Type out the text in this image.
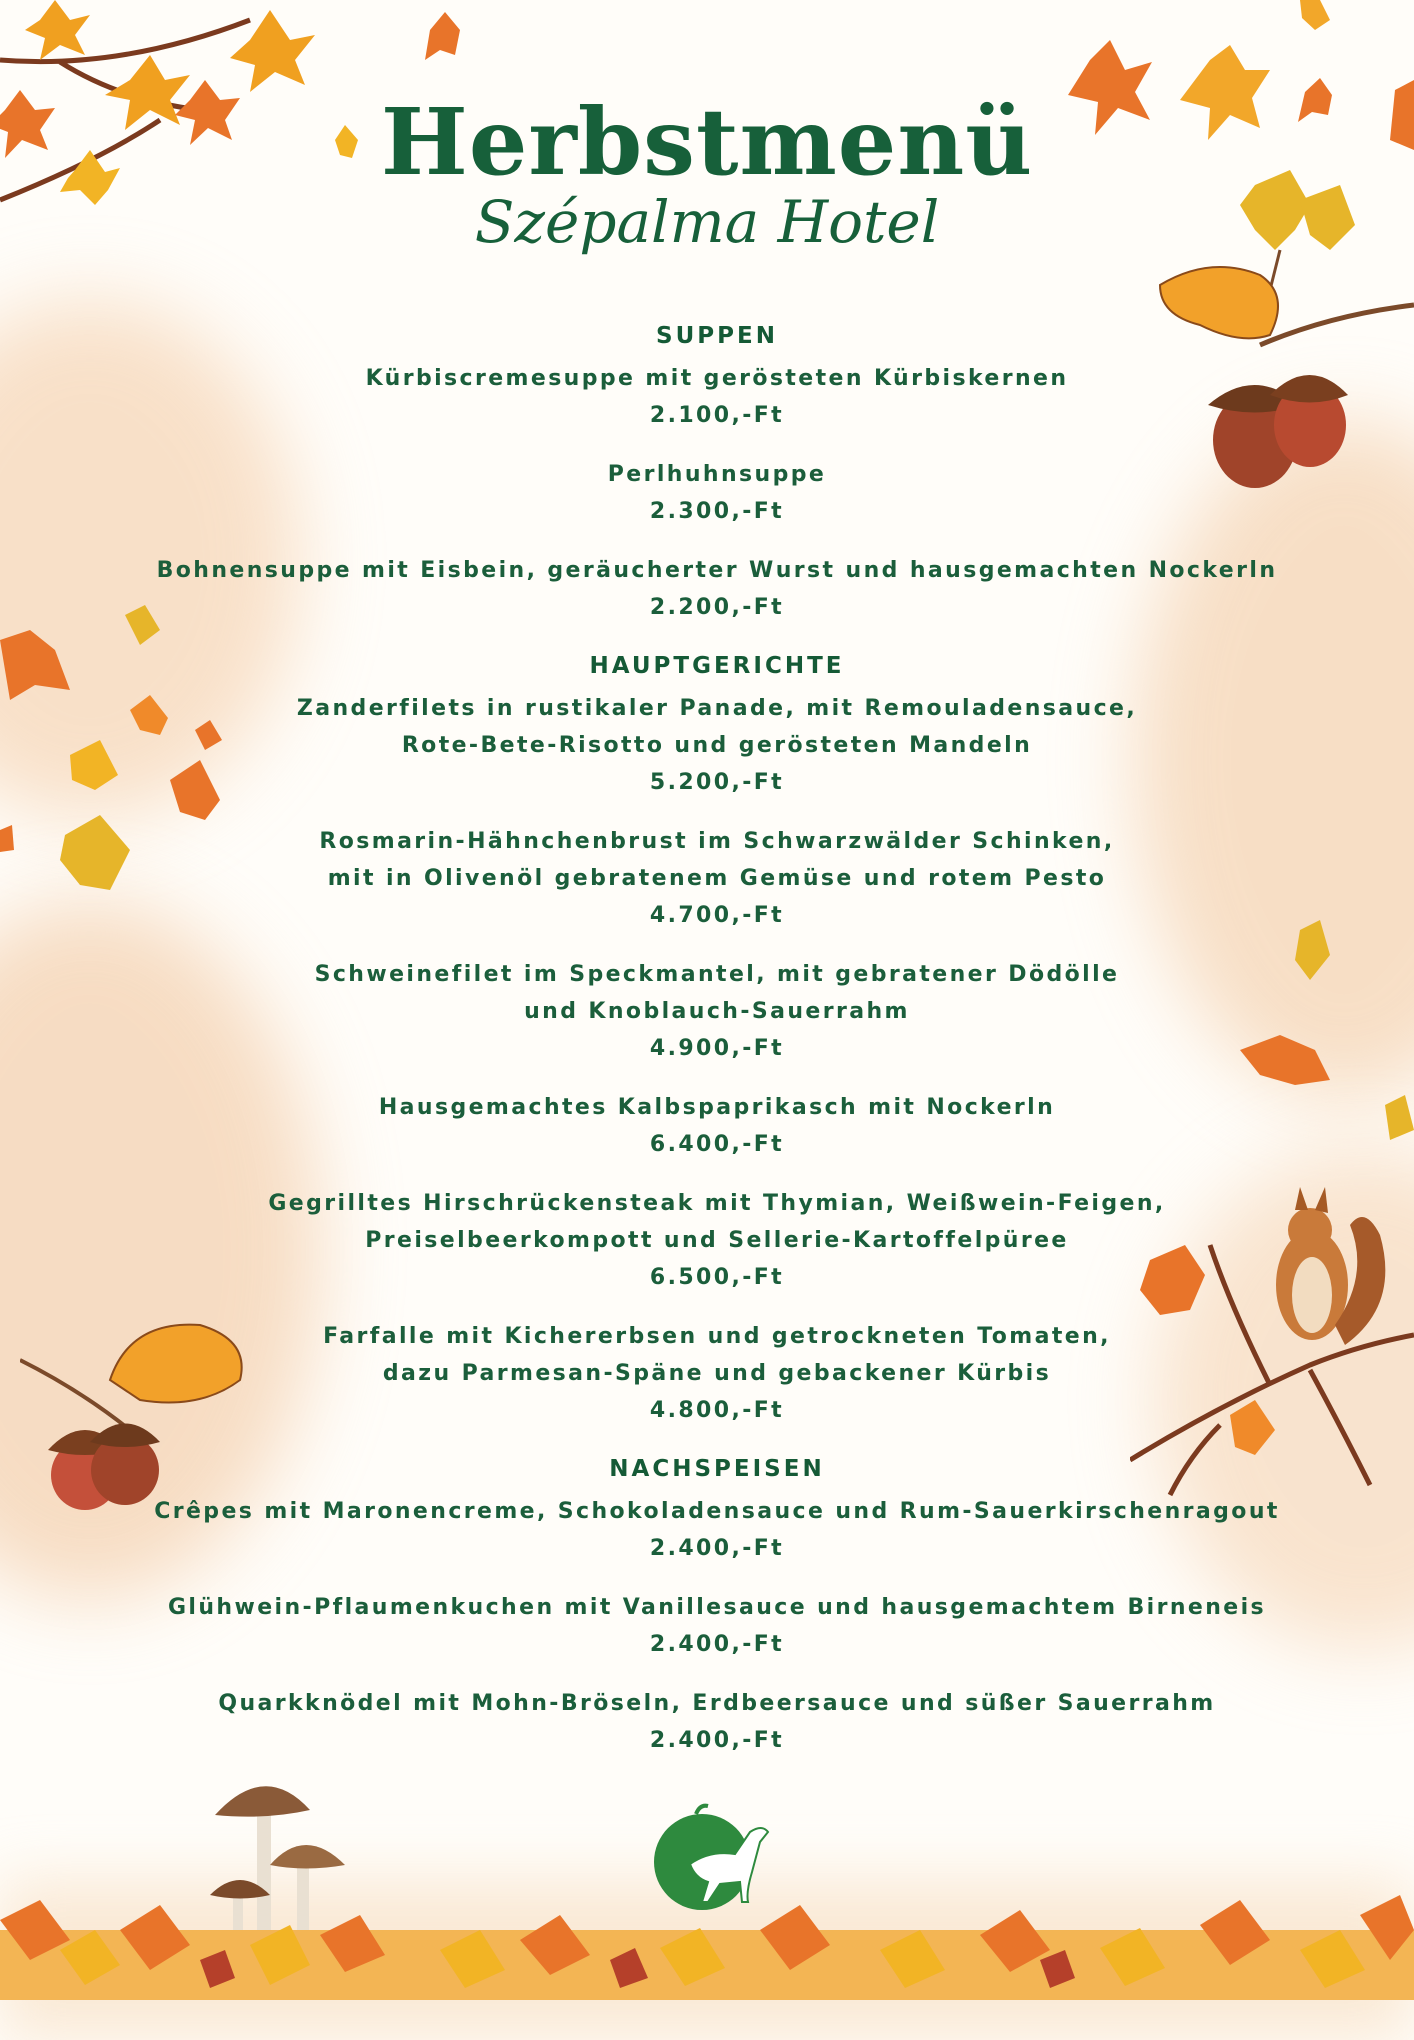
Herbstmenü
Szépalma Hotel
SUPPEN
Kürbiscremesuppe mit gerösteten Kürbiskernen
2.100,-Ft
Perlhuhnsuppe
2.300,-Ft
Bohnensuppe mit Eisbein, geräucherter Wurst und hausgemachten Nockerln
2.200,-Ft
HAUPTGERICHTE
Zanderfilets in rustikaler Panade, mit Remouladensauce,
Rote-Bete-Risotto und gerösteten Mandeln
5.200,-Ft
Rosmarin-Hähnchenbrust im Schwarzwälder Schinken,
mit in Olivenöl gebratenem Gemüse und rotem Pesto
4.700,-Ft
Schweinefilet im Speckmantel, mit gebratener Dödölle
und Knoblauch-Sauerrahm
4.900,-Ft
Hausgemachtes Kalbspaprikasch mit Nockerln
6.400,-Ft
Gegrilltes Hirschrückensteak mit Thymian, Weißwein-Feigen,
Preiselbeerkompott und Sellerie-Kartoffelpüree
6.500,-Ft
Farfalle mit Kichererbsen und getrockneten Tomaten,
dazu Parmesan-Späne und gebackener Kürbis
4.800,-Ft
NACHSPEISEN
Crêpes mit Maronencreme, Schokoladensauce und Rum-Sauerkirschenragout
2.400,-Ft
Glühwein-Pflaumenkuchen mit Vanillesauce und hausgemachtem Birneneis
2.400,-Ft
Quarkknödel mit Mohn-Bröseln, Erdbeersauce und süßer Sauerrahm
2.400,-Ft
